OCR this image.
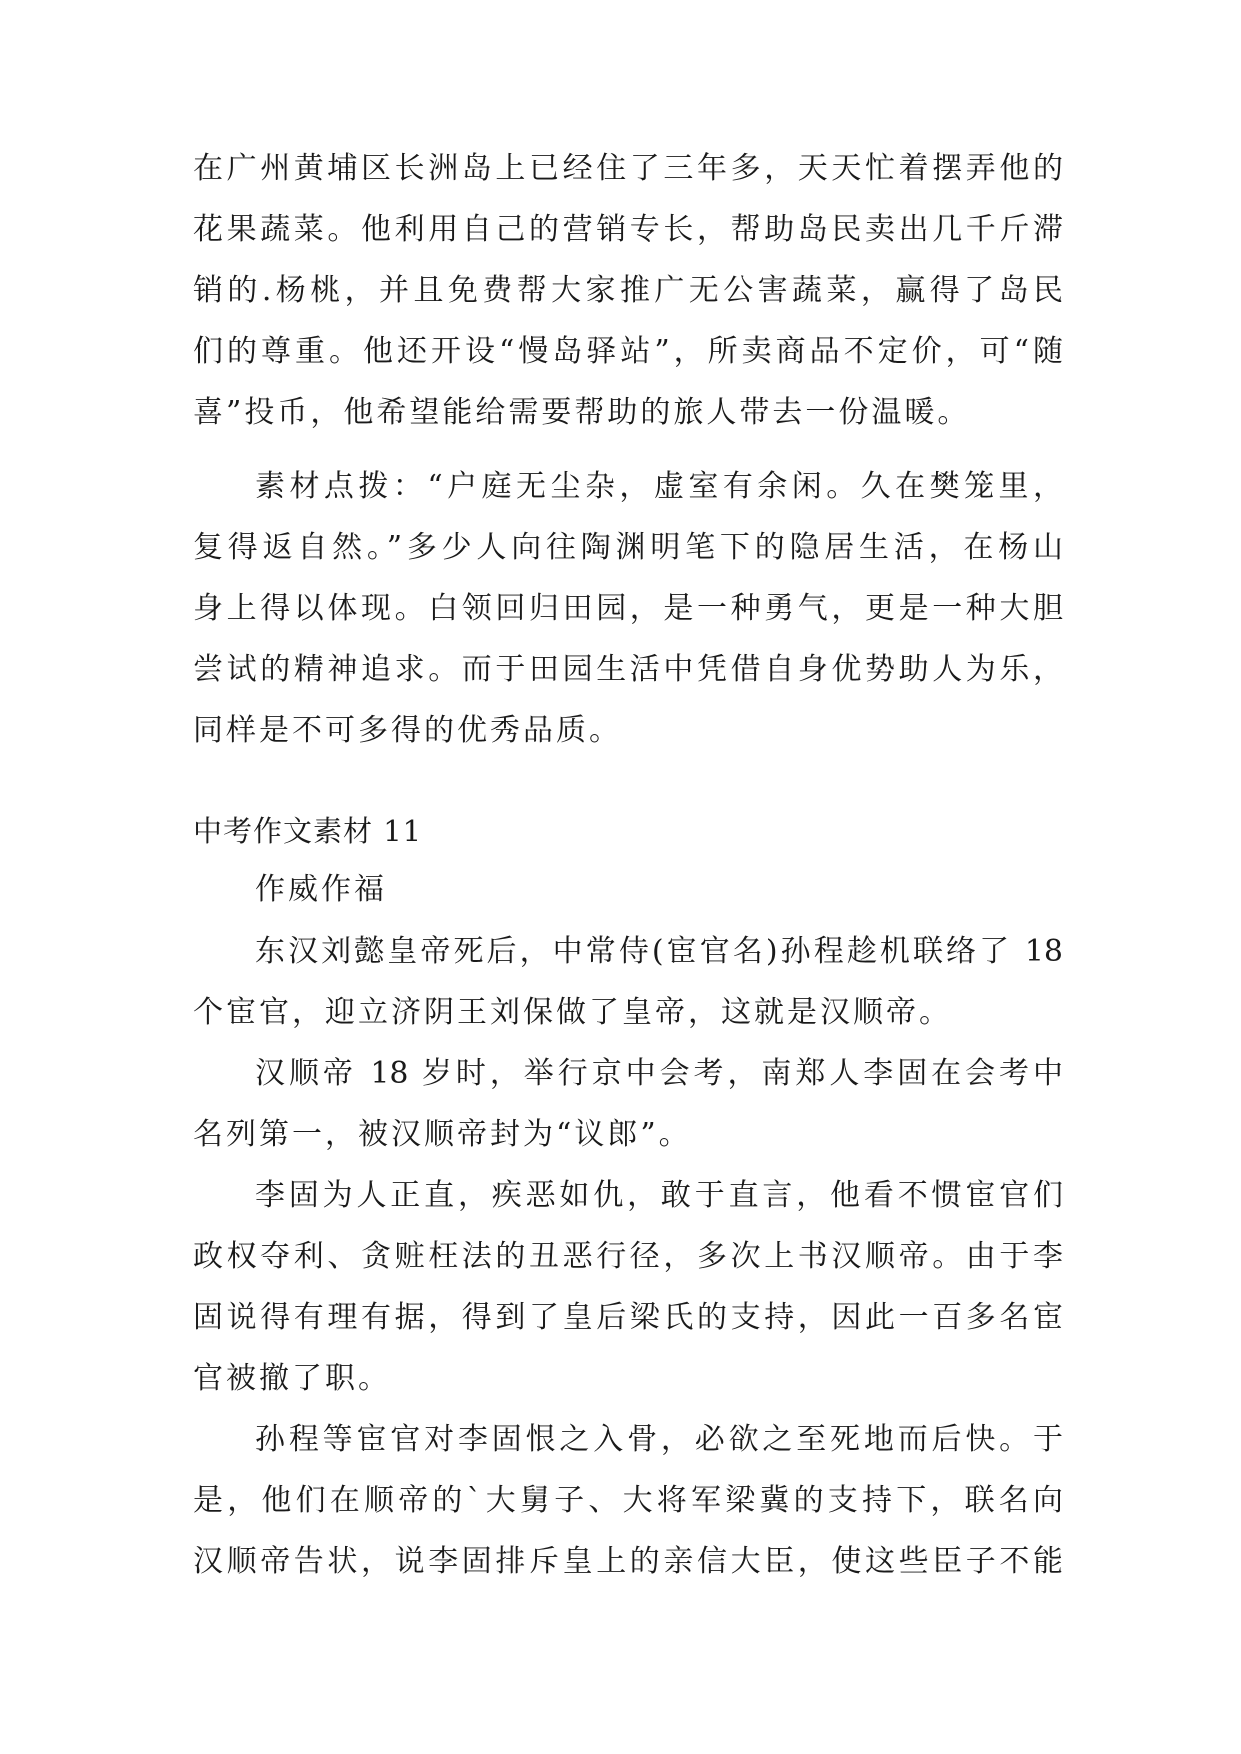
在广州黄埔区长洲岛上已经住了三年多，天天忙着摆弄他的
花果蔬菜。他利用自己的营销专长，帮助岛民卖出几千斤滞
销的.杨桃，并且免费帮大家推广无公害蔬菜，赢得了岛民
们的尊重。他还开设“慢岛驿站”，所卖商品不定价，可“随
喜”投币，他希望能给需要帮助的旅人带去一份温暖。
素材点拨：“户庭无尘杂，虚室有余闲。久在樊笼里，
复得返自然。”多少人向往陶渊明笔下的隐居生活，在杨山
身上得以体现。白领回归田园，是一种勇气，更是一种大胆
尝试的精神追求。而于田园生活中凭借自身优势助人为乐，
同样是不可多得的优秀品质。
中考作文素材 11
作威作福
东汉刘懿皇帝死后，中常侍(宦官名)孙程趁机联络了 18
个宦官，迎立济阴王刘保做了皇帝，这就是汉顺帝。
汉顺帝 18 岁时，举行京中会考，南郑人李固在会考中
名列第一，被汉顺帝封为“议郎”。
李固为人正直，疾恶如仇，敢于直言，他看不惯宦官们
政权夺利、贪赃枉法的丑恶行径，多次上书汉顺帝。由于李
固说得有理有据，得到了皇后梁氏的支持，因此一百多名宦
官被撤了职。
孙程等宦官对李固恨之入骨，必欲之至死地而后快。于
是，他们在顺帝的`大舅子、大将军梁冀的支持下，联名向
汉顺帝告状，说李固排斥皇上的亲信大臣，使这些臣子不能
